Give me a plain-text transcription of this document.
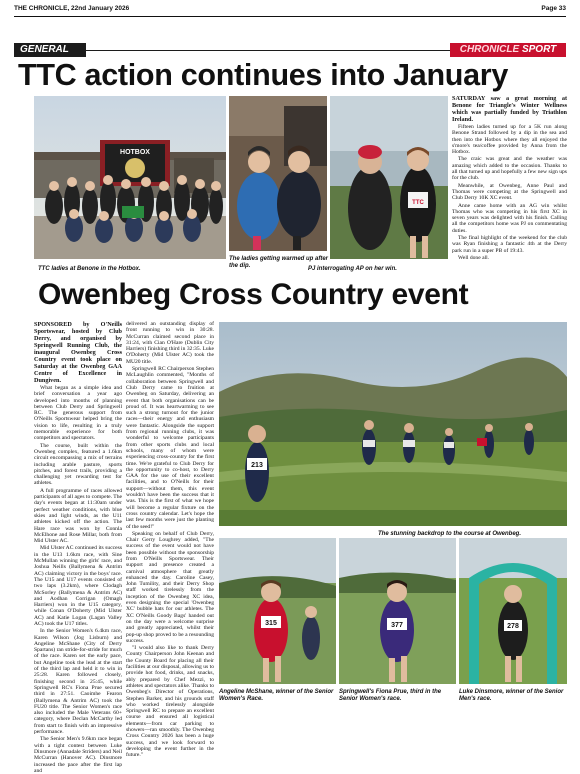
THE CHRONICLE, 22nd January 2026	Page 33
GENERAL	CHRONICLE SPORT
TTC action continues into January
HOTBOX
TTC ladies at Benone in the Hotbox.
The ladies getting warmed up after the dip.
TTC
PJ interrogating AP on her win.

SATURDAY saw a great morning at Benone for Triangle's Winter Wellness which was partially funded by Triathlon Ireland.

Fifteen ladies turned up for a 5K run along Benone Strand followed by a dip in the sea and then into the Hotbox where they all enjoyed the s'more's tea/coffee provided by Anna from the Hotbox.

The craic was great and the weather was amazing which added to the occasion. Thanks to all that turned up and hopefully a few new sign ups for the club.

Meanwhile, at Owenbeg, Anne Paul and Thomas were competing at the Springwell and Club Derry 10K XC event.

Anne came home with an AG win whilst Thomas who was competing in his first XC in seven years was delighted with his finish. Calling all the competitors home was PJ on commentating duties.

The final highlight of the weekend for the club was Ryan finishing a fantastic 4th at the Derry park run in a super PB of 19:43.

Well done all.

Owenbeg Cross Country event

SPONSORED by O'Neills Sportswear, hosted by Club Derry, and organised by Springwell Running Club, the inaugural Owenbeg Cross Country event took place on Saturday at the Owenbeg GAA Centre of Excellence in Dungiven.

What began as a simple idea and brief conversation a year ago developed into months of planning between Club Derry and Springwell RC. The generous support from O'Neills Sportswear helped bring the vision to life, resulting in a truly memorable experience for both competitors and spectators.

The course, built within the Owenbeg complex, featured a 1.6km circuit encompassing a mix of terrains including arable pasture, sports pitches, and forest trails, providing a challenging yet rewarding test for athletes.

A full programme of races allowed participants of all ages to compete. The day's events began at 11:30am under perfect weather conditions, with blue skies and light winds, as the U11 athletes kicked off the action. The Hare race was won by Connla McElhone and Rose Millar, both from Mid Ulster AC.

Mid Ulster AC continued its success in the U13 1.6km race, with Sine McMullan winning the girls' race, and Joshua Neills (Ballymena & Antrim AC) claiming victory in the boys' race. The U15 and U17 events consisted of two laps (3.2km), where Clodagh McSorley (Ballymena & Antrim AC) and Aodhan Corrigan (Omagh Harriers) won in the U15 category, while Conan O'Doherty (Mid Ulster AC) and Katie Logan (Lagan Valley AC) took the U17 titles.

In the Senior Women's 6.4km race, Karen Wilson (Jog Lisburn) and Angeline McShane (City of Derry Spartans) ran stride-for-stride for much of the race. Karen set the early pace, but Angeline took the lead at the start of the third lap and held it to win in 25:28. Karen followed closely, finishing second in 25:45, while Springwell RC's Fiona Prue secured third in 27:51. Caoimhe Fearon (Ballymena & Antrim AC) took the FU20 title. The Senior Women's race also included the Male Veterans 60+ category, where Declan McCarthy led from start to finish with an impressive performance.

The Senior Men's 9.6km race began with a tight contest between Luke Dinsmore (Annadale Striders) and Neil McCurran (Hanover AC). Dinsmore increased the pace after the first lap and

delivered an outstanding display of front running to win in 30:28. McCurran claimed second place in 31:24, with Cian O'Hare (Dublin City Harriers) finishing third in 32:35. Luke O'Doherty (Mid Ulster AC) took the MU20 title.

Springwell RC Chairperson Stephen McLaughlin commented, "Months of collaboration between Springwell and Club Derry came to fruition at Owenbeg on Saturday, delivering an event that both organisations can be proud of. It was heartwarming to see such a strong turnout for the junior races—their energy and enthusiasm were fantastic. Alongside the support from regional running clubs, it was wonderful to welcome participants from other sports clubs and local schools, many of whom were experiencing cross-country for the first time. We're grateful to Club Derry for the opportunity to co-host, to Derry GAA for the use of their excellent facilities, and to O'Neills for their support—without them, this event wouldn't have been the success that it was. This is the first of what we hope will become a regular fixture on the cross country calendar. Let's hope the last few months were just the planting of the seed!"

Speaking on behalf of Club Derry, Chair Gerry Loughrey added, "The success of the event would not have been possible without the sponsorship from O'Neills Sportswear. Their support and presence created a carnival atmosphere that greatly enhanced the day. Caroline Casey, John Tumility, and their Derry Shop staff worked tirelessly from the inception of the Owenbeg XC idea, even designing the special 'Owenbeg XC' bubble hats for our athletes. The XC O'Neills Goody Bags' handed out on the day were a welcome surprise and greatly appreciated, whilst their pop-up shop proved to be a resounding success.

"I would also like to thank Derry County Chairperson John Keenan and the County Board for placing all their facilities at our disposal, allowing us to provide hot food, drinks, and snacks, ably prepared by Chef Mezzi, to athletes and spectators alike. Thanks to Owenbeg's Director of Operations, Stephen Barker, and his grounds staff who worked tirelessly alongside Springwell RC to prepare an excellent course and ensured all logistical elements—from car parking to showers—ran smoothly. The Owenbeg Cross Country 2026 has been a huge success, and we look forward to developing the event further in the future."

213
The stunning backdrop to the course at Owenbeg.
315	377	278
Angeline McShane, winner of the Senior Women's Race.
Springwell's Fiona Prue, third in the Senior Women's race.
Luke Dinsmore, winner of the Senior Men's race.
